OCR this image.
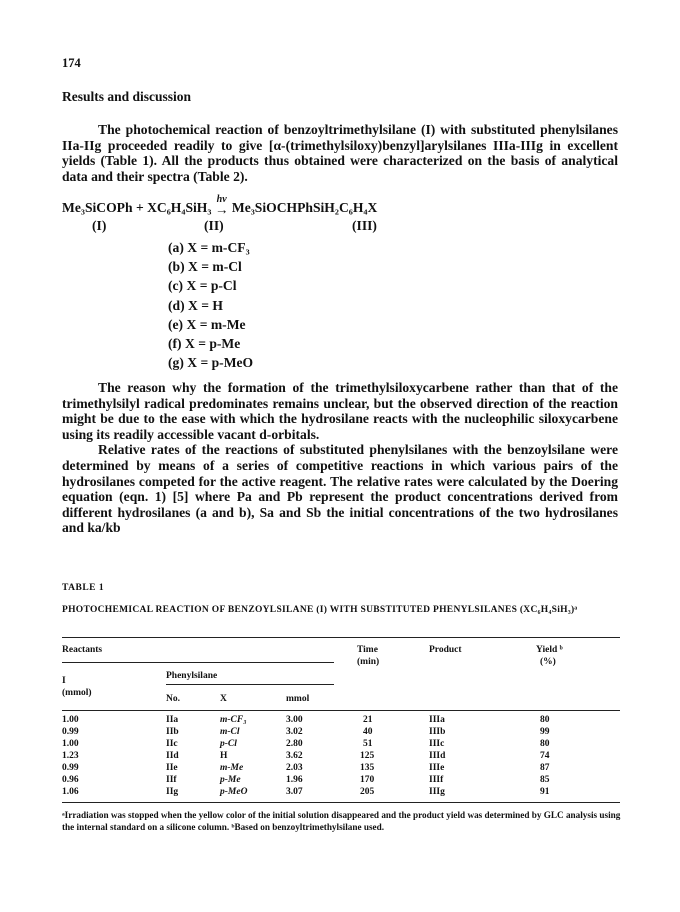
174
Results and discussion

The photochemical reaction of benzoyltrimethylsilane (I) with substituted phenylsilanes IIa-IIg proceeded readily to give [α-(trimethylsiloxy)benzyl]arylsilanes IIIa-IIIg in excellent yields (Table 1). All the products thus obtained were characterized on the basis of analytical data and their spectra (Table 2).

Me₃SiCOPh + XC₆H₄SiH₃
hν
→ Me₃SiOCHPhSiH₂C₆H₄X
(I)	(II)	(III)
(a) X = m-CF₃
(b) X = m-Cl
(c) X = p-Cl
(d) X = H
(e) X = m-Me
(f) X = p-Me
(g) X = p-MeO

The reason why the formation of the trimethylsiloxycarbene rather than that of the trimethylsilyl radical predominates remains unclear, but the observed direction of the reaction might be due to the ease with which the hydrosilane reacts with the nucleophilic siloxycarbene using its readily accessible vacant d-orbitals.

Relative rates of the reactions of substituted phenylsilanes with the benzoylsilane were determined by means of a series of competitive reactions in which various pairs of the hydrosilanes competed for the active reagent. The relative rates were calculated by the Doering equation (eqn. 1) [5] where Pa and Pb represent the product concentrations derived from different hydrosilanes (a and b), Sa and Sb the initial concentrations of the two hydrosilanes and ka/kb

TABLE 1
PHOTOCHEMICAL REACTION OF BENZOYLSILANE (I) WITH SUBSTITUTED PHENYLSILANES (XC₆H₄SiH₃)ᵃ
Reactants	Time
(min)
Product	Yield ᵇ
(%)
I
(mmol)
Phenylsilane
No.	X	mmol
1.00	IIa	m-CF₃	3.00	21	IIIa	80
0.99	IIb	m-Cl	3.02	40	IIIb	99
1.00	IIc	p-Cl	2.80	51	IIIc	80
1.23	IId	H	3.62	125	IIId	74
0.99	IIe	m-Me	2.03	135	IIIe	87
0.96	IIf	p-Me	1.96	170	IIIf	85
1.06	IIg	p-MeO	3.07	205	IIIg	91
ᵃIrradiation was stopped when the yellow color of the initial solution disappeared and the product yield was determined by GLC analysis using the internal standard on a silicone column. ᵇBased on benzoyltrimethylsilane used.
